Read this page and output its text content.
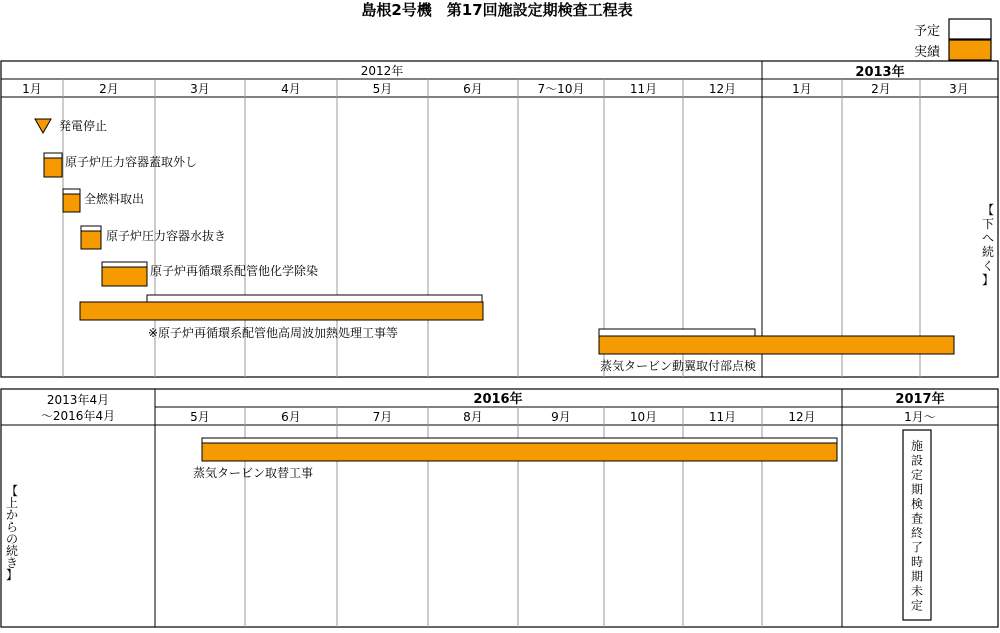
島根2号機　第17回施設定期検査工程表
予定
実績
1月	2月	3月	4月	5月	6月	7～10月	11月	12月	1月	2月	3月
2012年	2013年
【下へ続く】
発電停止
原子炉圧力容器蓋取外し
全燃料取出
原子炉圧力容器水抜き
原子炉再循環系配管他化学除染
※原子炉再循環系配管他高周波加熱処理工事等
蒸気タービン動翼取付部点検
5月	6月	7月	8月	9月	10月	11月	12月	1月～
2013年4月
～2016年4月
2016年	2017年
【上からの続き】
蒸気タービン取替工事
施設定期検査終了時期未定
